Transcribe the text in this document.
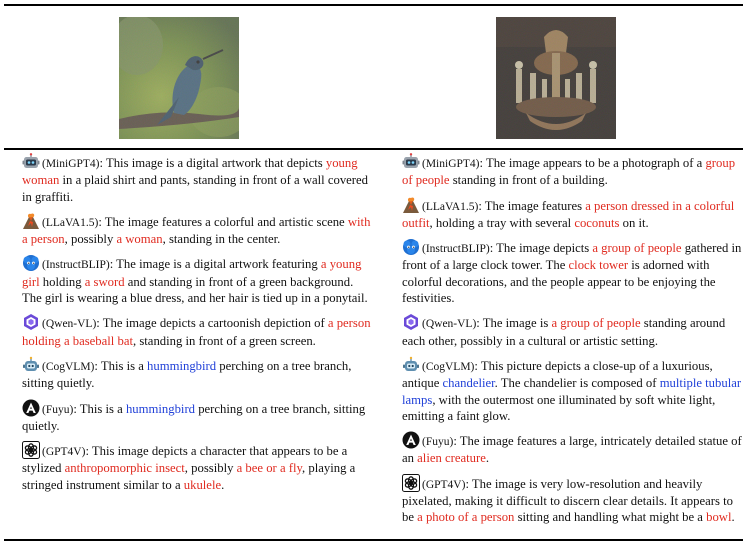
(MiniGPT4): This image is a digital artwork that depicts young woman in a plaid shirt and pants, standing in front of a wall covered in graffiti.
(LLaVA1.5): The image features a colorful and artistic scene with a person, possibly a woman, standing in the center.
(InstructBLIP): The image is a digital artwork featuring a young girl holding a sword and standing in front of a green background. The girl is wearing a blue dress, and her hair is tied up in a ponytail.
(Qwen-VL): The image depicts a cartoonish depiction of a person holding a baseball bat, standing in front of a green screen.
(CogVLM): This is a hummingbird perching on a tree branch, sitting quietly.
(Fuyu): This is a hummingbird perching on a tree branch, sitting quietly.
(GPT4V): This image depicts a character that appears to be a stylized anthropomorphic insect, possibly a bee or a fly, playing a stringed instrument similar to a ukulele.
(MiniGPT4): The image appears to be a photograph of a group of people standing in front of a building.
(LLaVA1.5): The image features a person dressed in a colorful outfit, holding a tray with several coconuts on it.
(InstructBLIP): The image depicts a group of people gathered in front of a large clock tower. The clock tower is adorned with colorful decorations, and the people appear to be enjoying the festivities.
(Qwen-VL): The image is a group of people standing around each other, possibly in a cultural or artistic setting.
(CogVLM): This picture depicts a close-up of a luxurious, antique chandelier. The chandelier is composed of multiple tubular lamps, with the outermost one illuminated by soft white light, emitting a faint glow.
(Fuyu): The image features a large, intricately detailed statue of an alien creature.
(GPT4V): The image is very low-resolution and heavily pixelated, making it difficult to discern clear details. It appears to be a photo of a person sitting and handling what might be a bowl.
